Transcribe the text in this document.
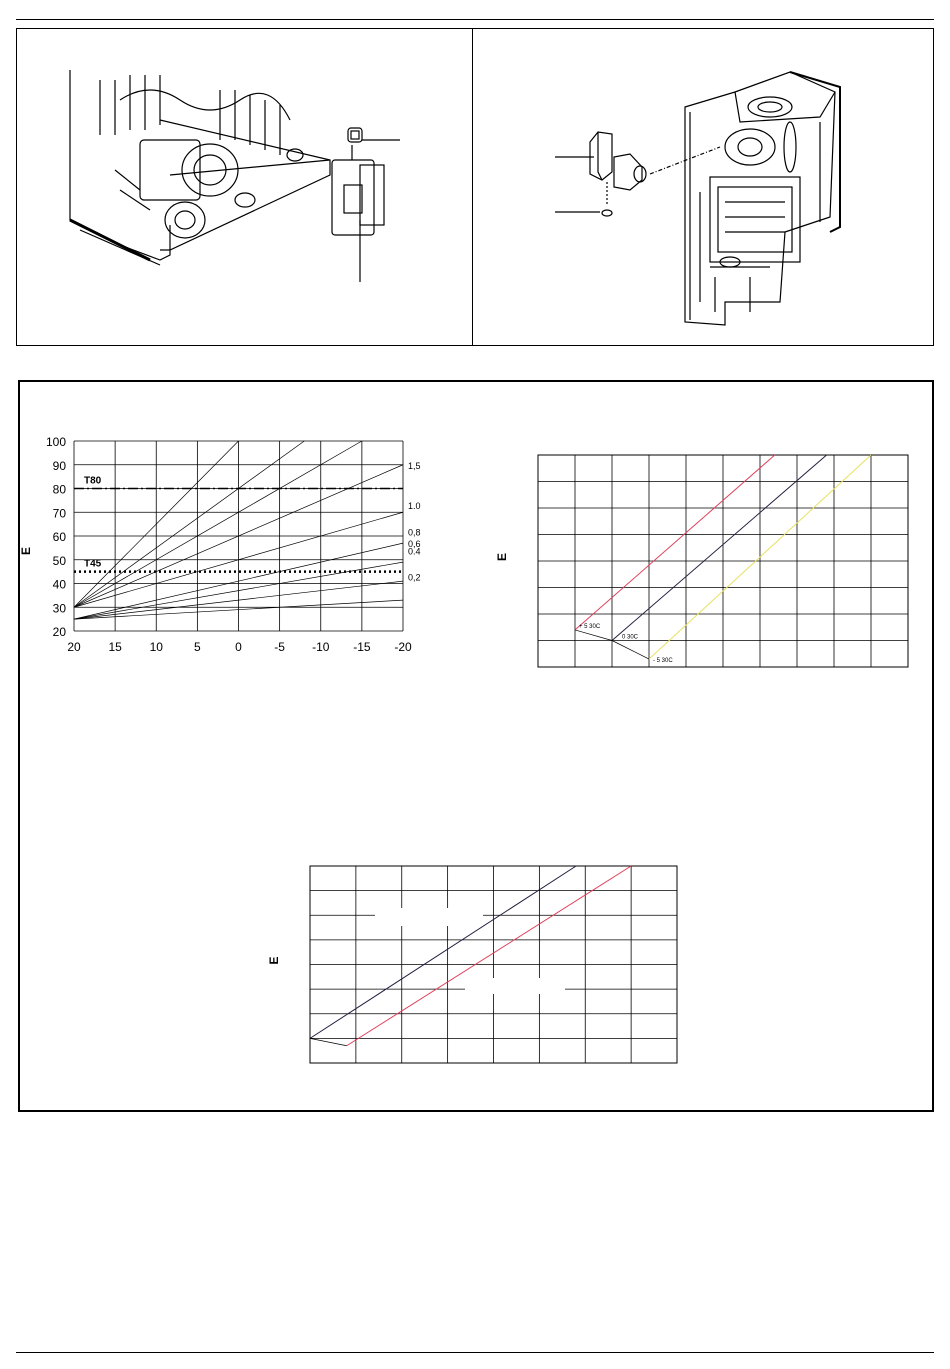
100
90
80
70
60
50
40
30
20
20 15 10	5	0	-5 -10 -15 -20
E
T80
T45
1,5
1.0
0,8
0,6
0.4
0,2
E
+ 5 30C
0 30C
- 5 30C
E
